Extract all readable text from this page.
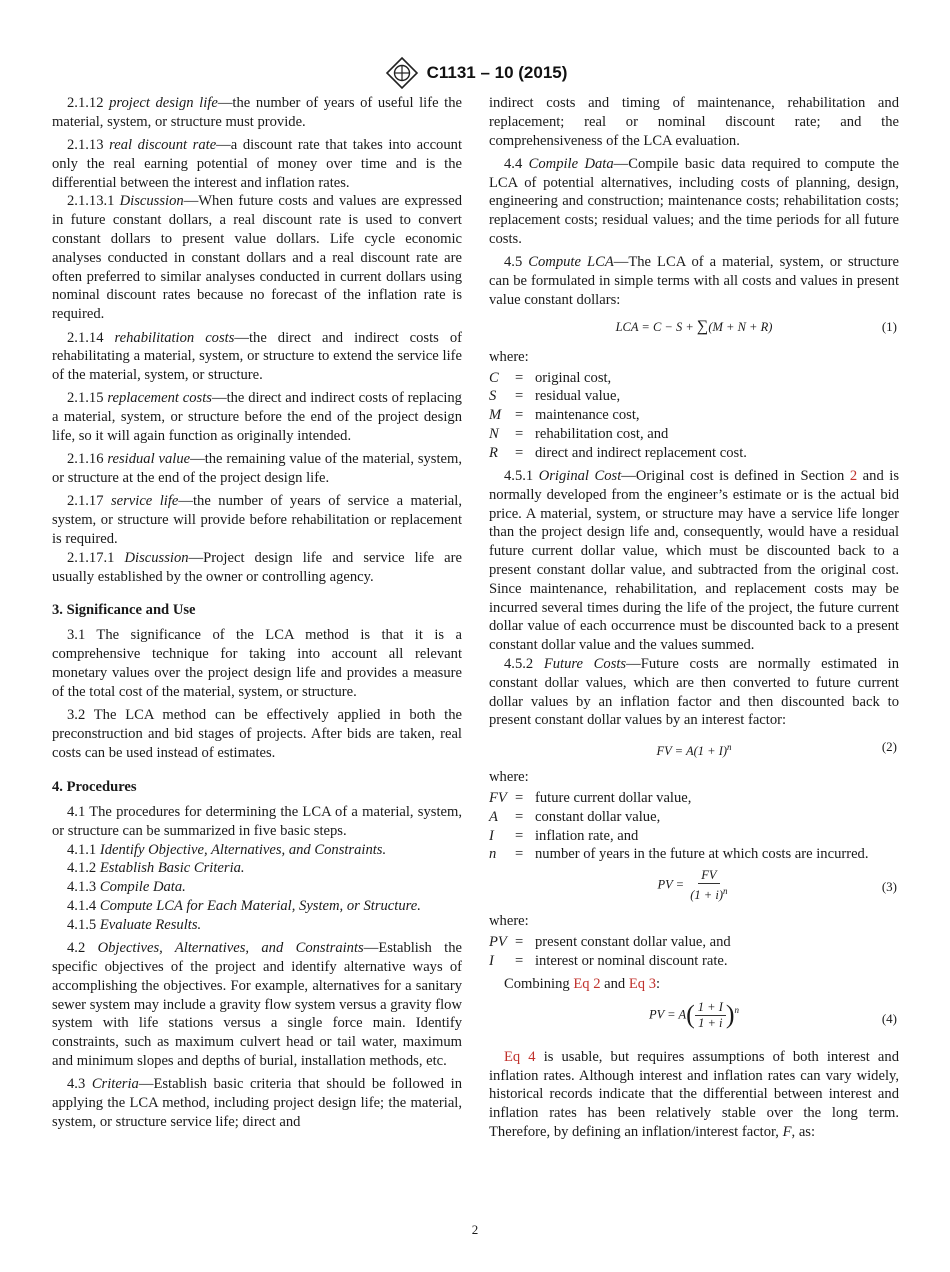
C1131 – 10 (2015)

2.1.12 project design life—the number of years of useful life the material, system, or structure must provide.

2.1.13 real discount rate—a discount rate that takes into account only the real earning potential of money over time and is the differential between the interest and inflation rates.

2.1.13.1 Discussion—When future costs and values are expressed in future constant dollars, a real discount rate is used to convert constant dollars to present value dollars. Life cycle economic analyses conducted in constant dollars and a real discount rate are often preferred to similar analyses conducted in current dollars using nominal discount rates because no forecast of the inflation rate is required.

2.1.14 rehabilitation costs—the direct and indirect costs of rehabilitating a material, system, or structure to extend the service life of the material, system, or structure.

2.1.15 replacement costs—the direct and indirect costs of replacing a material, system, or structure before the end of the project design life, so it will again function as originally intended.

2.1.16 residual value—the remaining value of the material, system, or structure at the end of the project design life.

2.1.17 service life—the number of years of service a material, system, or structure will provide before rehabilitation or replacement is required.

2.1.17.1 Discussion—Project design life and service life are usually established by the owner or controlling agency.

3. Significance and Use

3.1 The significance of the LCA method is that it is a comprehensive technique for taking into account all relevant monetary values over the project design life and provides a measure of the total cost of the material, system, or structure.

3.2 The LCA method can be effectively applied in both the preconstruction and bid stages of projects. After bids are taken, real costs can be used instead of estimates.

4. Procedures

4.1 The procedures for determining the LCA of a material, system, or structure can be summarized in five basic steps.

4.1.1 Identify Objective, Alternatives, and Constraints.

4.1.2 Establish Basic Criteria.

4.1.3 Compile Data.

4.1.4 Compute LCA for Each Material, System, or Structure.

4.1.5 Evaluate Results.

4.2 Objectives, Alternatives, and Constraints—Establish the specific objectives of the project and identify alternative ways of accomplishing the objectives. For example, alternatives for a sanitary sewer system may include a gravity flow system versus a gravity flow system with life stations versus a single force main. Identify constraints, such as maximum culvert head or tail water, maximum and minimum slopes and depths of burial, installation methods, etc.

4.3 Criteria—Establish basic criteria that should be followed in applying the LCA method, including project design life; the material, system, or structure service life; direct and

indirect costs and timing of maintenance, rehabilitation and replacement; real or nominal discount rate; and the comprehensiveness of the LCA evaluation.

4.4 Compile Data—Compile basic data required to compute the LCA of potential alternatives, including costs of planning, design, engineering and construction; maintenance costs; rehabilitation costs; replacement costs; residual values; and the time periods for all future costs.

4.5 Compute LCA—The LCA of a material, system, or structure can be formulated in simple terms with all costs and values in present value constant dollars:

LCA = C − S + ∑(M + N + R)	(1)

where:

C	= original cost,
S	= residual value,
M = maintenance cost,
N	= rehabilitation cost, and
R	= direct and indirect replacement cost.

4.5.1 Original Cost—Original cost is defined in Section 2 and is normally developed from the engineer’s estimate or is the actual bid price. A material, system, or structure may have a service life longer than the project design life and, consequently, would have a residual future current dollar value, which must be discounted back to a present constant dollar value, and subtracted from the original cost. Since maintenance, rehabilitation, and replacement costs may be incurred several times during the life of the project, the future current dollar value of each occurrence must be discounted back to a present constant dollar value and the values summed.

4.5.2 Future Costs—Future costs are normally estimated in constant dollar values, which are then converted to future current dollar values by an inflation factor and then discounted back to present constant dollar values by an interest factor:

FV = $A(1 + I)^n$	(2)

where:

FV = future current dollar value,
A	= constant dollar value,
I	= inflation rate, and
n	= number of years in the future at which costs are incurred.
PV = $\frac{FV}{(1 + i)^n}$	(3)

where:

PV = present constant dollar value, and
I	= interest or nominal discount rate.

Combining Eq 2 and Eq 3:

PV = $A( \frac{1 + I}{1 + i} )^n$
(4)

Eq 4 is usable, but requires assumptions of both interest and inflation rates. Although interest and inflation rates can vary widely, historical records indicate that the differential between interest and inflation rates has been relatively stable over the long term. Therefore, by defining an inflation/interest factor, F, as:

2
